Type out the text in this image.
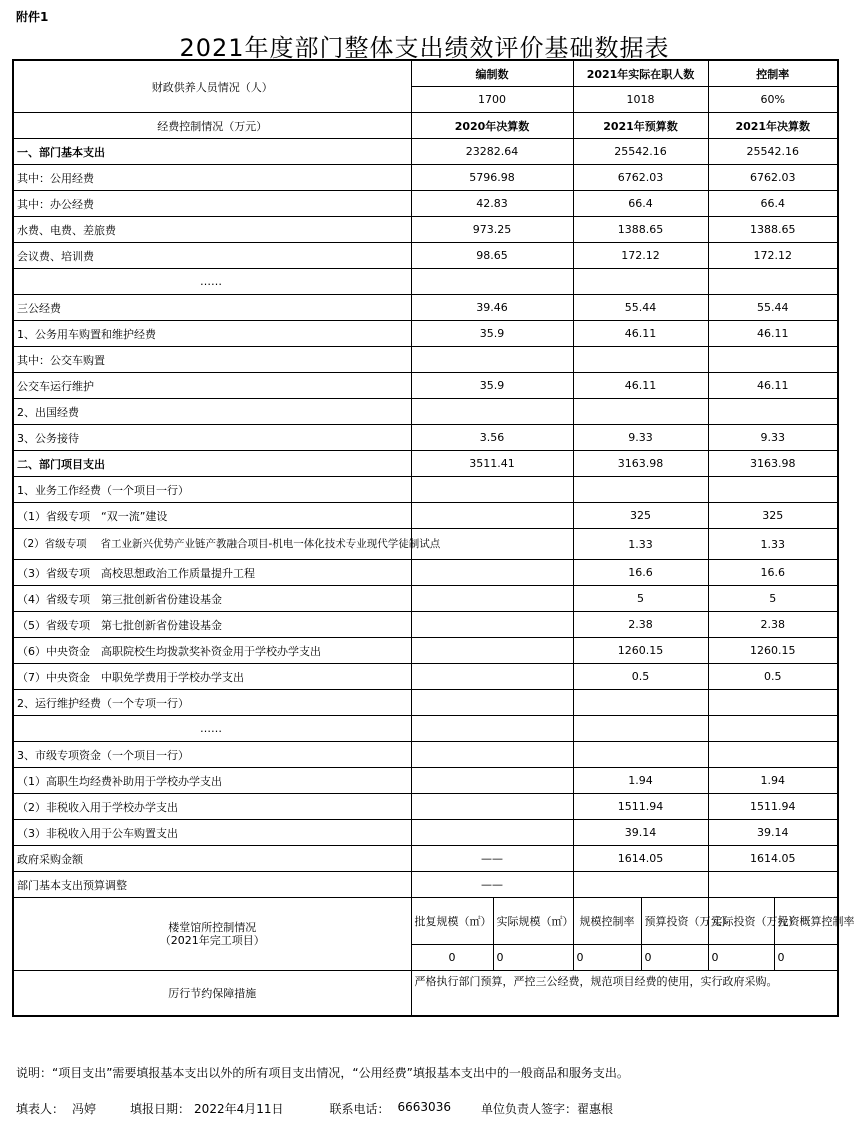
附件1
2021年度部门整体支出绩效评价基础数据表
财政供养人员情况（人）	编制数		2021年实际在职人数		控制率	
	1700		1018		60%	
经费控制情况（万元）	2020年决算数		2021年预算数		2021年决算数	
一、部门基本支出	23282.64		25542.16		25542.16	
其中：公用经费	5796.98		6762.03		6762.03	
其中：办公经费	42.83		66.4		66.4	
水费、电费、差旅费	973.25		1388.65		1388.65	
会议费、培训费	98.65		172.12		172.12	
……						
三公经费	39.46		55.44		55.44	
1、公务用车购置和维护经费	35.9		46.11		46.11	
其中：公交车购置						
公交车运行维护	35.9		46.11		46.11	
2、出国经费						
3、公务接待	3.56		9.33		9.33	
二、部门项目支出	3511.41		3163.98		3163.98	
1、业务工作经费（一个项目一行）						
（1）省级专项　“双一流”建设			325		325	
（2）省级专项　 省工业新兴优势产业链产教融合项目-机电一体化技术专业现代学徒制试点			1.33		1.33	
（3）省级专项　高校思想政治工作质量提升工程			16.6		16.6	
（4）省级专项　第三批创新省份建设基金			5		5	
（5）省级专项　第七批创新省份建设基金			2.38		2.38	
（6）中央资金　高职院校生均拨款奖补资金用于学校办学支出			1260.15		1260.15	
（7）中央资金　中职免学费用于学校办学支出			0.5		0.5	
2、运行维护经费（一个专项一行）						
……						
3、市级专项资金（一个项目一行）						
（1）高职生均经费补助用于学校办学支出			1.94		1.94	
（2）非税收入用于学校办学支出			1511.94		1511.94	
（3）非税收入用于公车购置支出			39.14		39.14	
政府采购金额	——		1614.05		1614.05	
部门基本支出预算调整	——					
楼堂馆所控制情况
（2021年完工项目）	批复规模（㎡）	实际规模（㎡）	规模控制率	预算投资（万元）	实际投资（万元）	投资概算控制率
	0	0	0	0	0	0
厉行节约保障措施	严格执行部门预算，严控三公经费，规范项目经费的使用，实行政府采购。					
说明：“项目支出”需要填报基本支出以外的所有项目支出情况，“公用经费”填报基本支出中的一般商品和服务支出。
填表人： 冯婷	填报日期： 2022年4月11日	联系电话： 6663036	单位负责人签字： 翟惠根
